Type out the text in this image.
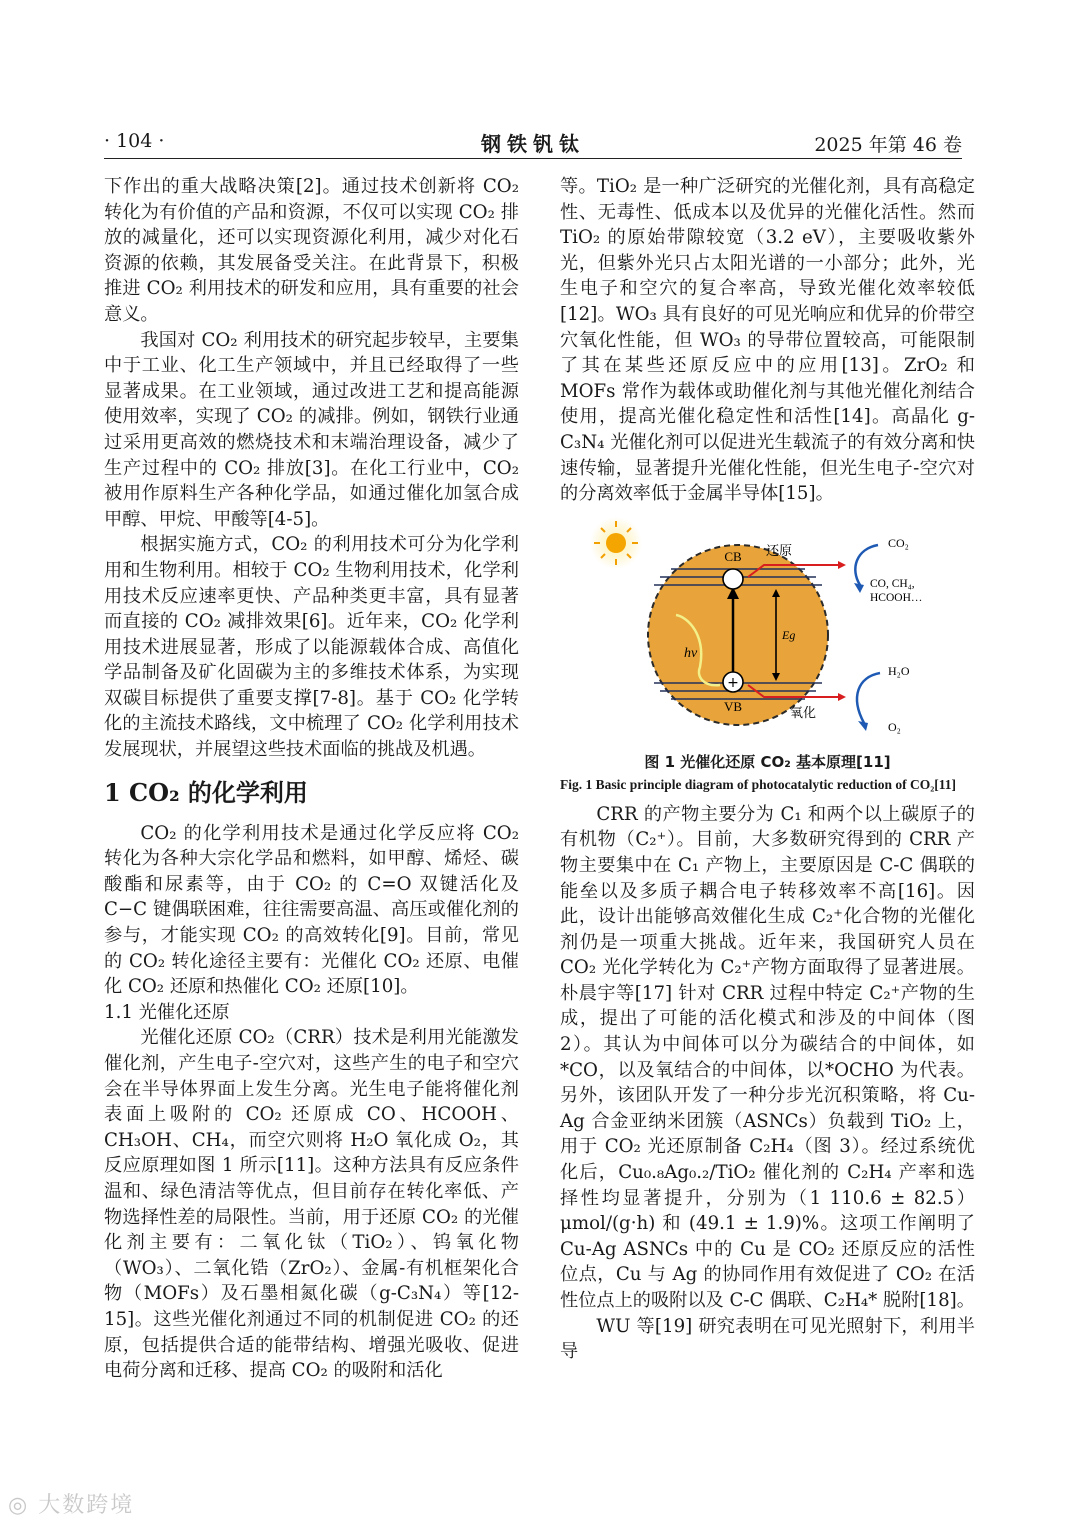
· 104 ·	钢铁钒钛	2025 年第 46 卷

下作出的重大战略决策[2]。通过技术创新将 CO₂ 转化为有价值的产品和资源，不仅可以实现 CO₂ 排放的减量化，还可以实现资源化利用，减少对化石资源的依赖，其发展备受关注。在此背景下，积极推进 CO₂ 利用技术的研发和应用，具有重要的社会意义。

我国对 CO₂ 利用技术的研究起步较早，主要集中于工业、化工生产领域中，并且已经取得了一些显著成果。在工业领域，通过改进工艺和提高能源使用效率，实现了 CO₂ 的减排。例如，钢铁行业通过采用更高效的燃烧技术和末端治理设备，减少了生产过程中的 CO₂ 排放[3]。在化工行业中，CO₂ 被用作原料生产各种化学品，如通过催化加氢合成甲醇、甲烷、甲酸等[4-5]。

根据实施方式，CO₂ 的利用技术可分为化学利用和生物利用。相较于 CO₂ 生物利用技术，化学利用技术反应速率更快、产品种类更丰富，具有显著而直接的 CO₂ 减排效果[6]。近年来，CO₂ 化学利用技术进展显著，形成了以能源载体合成、高值化学品制备及矿化固碳为主的多维技术体系，为实现双碳目标提供了重要支撑[7-8]。基于 CO₂ 化学转化的主流技术路线，文中梳理了 CO₂ 化学利用技术发展现状，并展望这些技术面临的挑战及机遇。

1 CO₂ 的化学利用

CO₂ 的化学利用技术是通过化学反应将 CO₂ 转化为各种大宗化学品和燃料，如甲醇、烯烃、碳酸酯和尿素等，由于 CO₂ 的 C=O 双键活化及 C−C 键偶联困难，往往需要高温、高压或催化剂的参与，才能实现 CO₂ 的高效转化[9]。目前，常见的 CO₂ 转化途径主要有：光催化 CO₂ 还原、电催化 CO₂ 还原和热催化 CO₂ 还原[10]。

1.1 光催化还原

光催化还原 CO₂（CRR）技术是利用光能激发催化剂，产生电子-空穴对，这些产生的电子和空穴会在半导体界面上发生分离。光生电子能将催化剂表面上吸附的 CO₂ 还原成 CO、HCOOH、CH₃OH、CH₄，而空穴则将 H₂O 氧化成 O₂，其反应原理如图 1 所示[11]。这种方法具有反应条件温和、绿色清洁等优点，但目前存在转化率低、产物选择性差的局限性。当前，用于还原 CO₂ 的光催化剂主要有：二氧化钛（TiO₂）、钨氧化物（WO₃）、二氧化锆（ZrO₂）、金属-有机框架化合物（MOFs）及石墨相氮化碳（g-C₃N₄）等[12-15]。这些光催化剂通过不同的机制促进 CO₂ 的还原，包括提供合适的能带结构、增强光吸收、促进电荷分离和迁移、提高 CO₂ 的吸附和活化

等。TiO₂ 是一种广泛研究的光催化剂，具有高稳定性、无毒性、低成本以及优异的光催化活性。然而 TiO₂ 的原始带隙较宽（3.2 eV），主要吸收紫外光，但紫外光只占太阳光谱的一小部分；此外，光生电子和空穴的复合率高，导致光催化效率较低[12]。WO₃ 具有良好的可见光响应和优异的价带空穴氧化性能，但 WO₃ 的导带位置较高，可能限制了其在某些还原反应中的应用[13]。ZrO₂ 和 MOFs 常作为载体或助催化剂与其他光催化剂结合使用，提高光催化稳定性和活性[14]。高晶化 g-C₃N₄ 光催化剂可以促进光生载流子的有效分离和快速传输，显著提升光催化性能，但光生电子-空穴对的分离效率低于金属半导体[15]。

Eg
hν
+
CB
VB
还原
CO₂
CO, CH₄,
HCOOH…
氧化
H₂O
O₂
图 1 光催化还原 CO₂ 基本原理[11]
Fig. 1 Basic principle diagram of photocatalytic reduction of CO₂[11]

CRR 的产物主要分为 C₁ 和两个以上碳原子的有机物（C₂⁺）。目前，大多数研究得到的 CRR 产物主要集中在 C₁ 产物上，主要原因是 C-C 偶联的能垒以及多质子耦合电子转移效率不高[16]。因此，设计出能够高效催化生成 C₂⁺化合物的光催化剂仍是一项重大挑战。近年来，我国研究人员在 CO₂ 光化学转化为 C₂⁺产物方面取得了显著进展。朴晨宇等[17] 针对 CRR 过程中特定 C₂⁺产物的生成，提出了可能的活化模式和涉及的中间体（图 2）。其认为中间体可以分为碳结合的中间体，如*CO，以及氧结合的中间体，以*OCHO 为代表。另外，该团队开发了一种分步光沉积策略，将 Cu-Ag 合金亚纳米团簇（ASNCs）负载到 TiO₂ 上，用于 CO₂ 光还原制备 C₂H₄（图 3）。经过系统优化后，Cu₀.₈Ag₀.₂/TiO₂ 催化剂的 C₂H₄ 产率和选择性均显著提升，分别为（1 110.6 ± 82.5）μmol/(g·h) 和 (49.1 ± 1.9)%。这项工作阐明了 Cu-Ag ASNCs 中的 Cu 是 CO₂ 还原反应的活性位点，Cu 与 Ag 的协同作用有效促进了 CO₂ 在活性位点上的吸附以及 C-C 偶联、C₂H₄* 脱附[18]。

WU 等[19] 研究表明在可见光照射下，利用半导

◎ 大数跨境
